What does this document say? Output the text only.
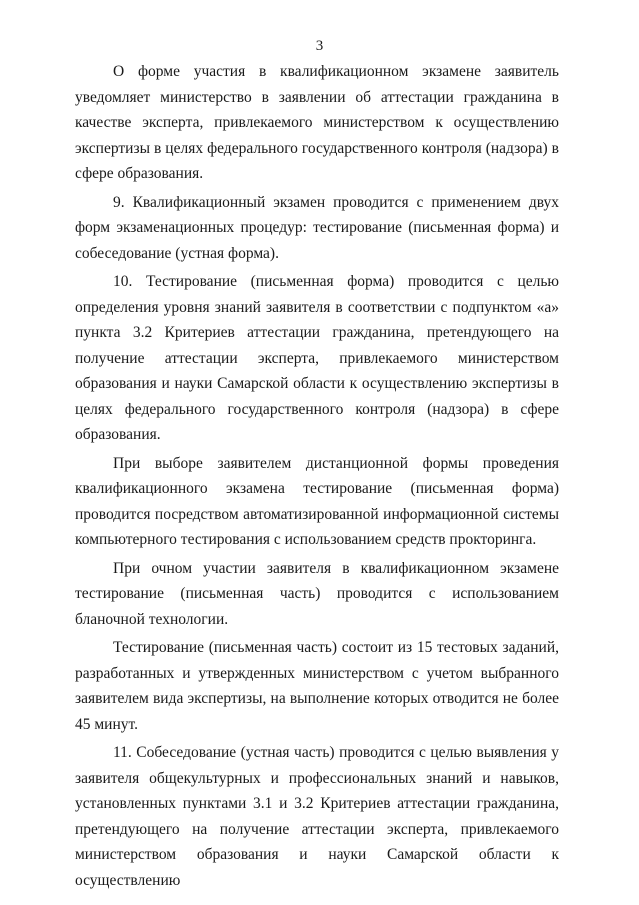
3

О форме участия в квалификационном экзамене заявитель уведомляет министерство в заявлении об аттестации гражданина в качестве эксперта, привлекаемого министерством к осуществлению экспертизы в целях федерального государственного контроля (надзора) в сфере образования.

9. Квалификационный экзамен проводится с применением двух форм экзаменационных процедур: тестирование (письменная форма) и собеседование (устная форма).

10. Тестирование (письменная форма) проводится с целью определения уровня знаний заявителя в соответствии с подпунктом «а» пункта 3.2 Критериев аттестации гражданина, претендующего на получение аттестации эксперта, привлекаемого министерством образования и науки Самарской области к осуществлению экспертизы в целях федерального государственного контроля (надзора) в сфере образования.

При выборе заявителем дистанционной формы проведения квалификационного экзамена тестирование (письменная форма) проводится посредством автоматизированной информационной системы компьютерного тестирования с использованием средств прокторинга.

При очном участии заявителя в квалификационном экзамене тестирование (письменная часть) проводится с использованием бланочной технологии.

Тестирование (письменная часть) состоит из 15 тестовых заданий, разработанных и утвержденных министерством с учетом выбранного заявителем вида экспертизы, на выполнение которых отводится не более 45 минут.

11. Собеседование (устная часть) проводится с целью выявления у заявителя общекультурных и профессиональных знаний и навыков, установленных пунктами 3.1 и 3.2 Критериев аттестации гражданина, претендующего на получение аттестации эксперта, привлекаемого министерством образования и науки Самарской области к осуществлению
